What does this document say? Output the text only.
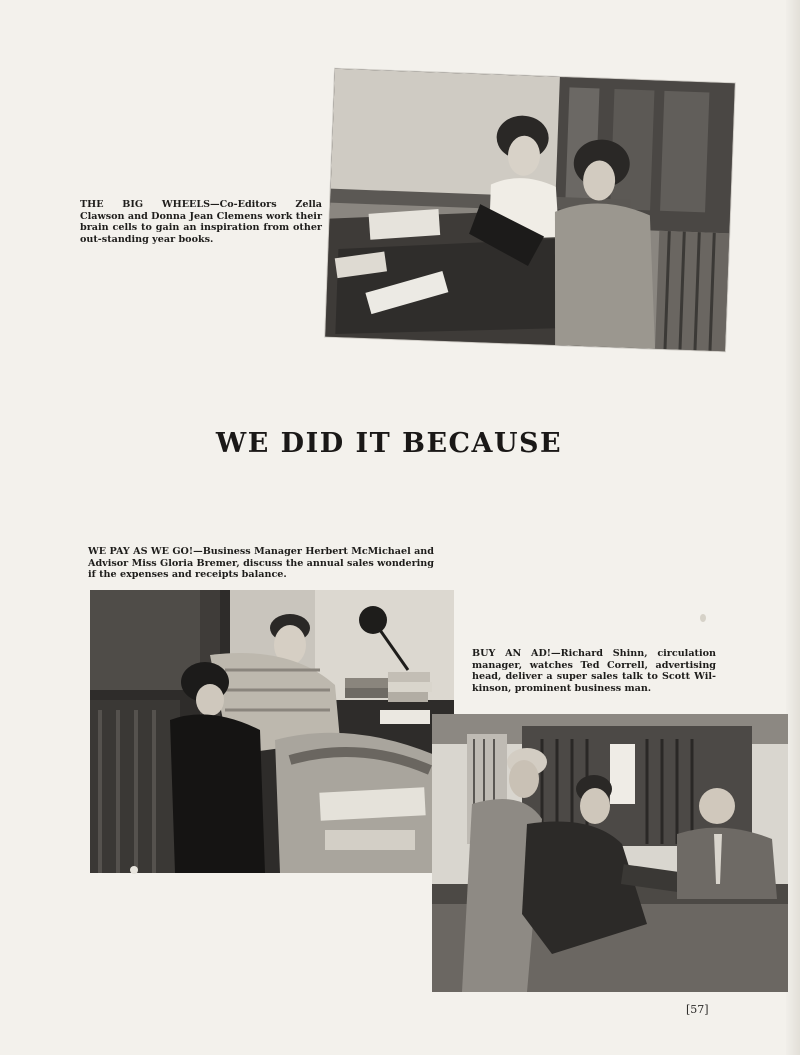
THE BIG WHEELS—Co-Editors Zella Clawson and Donna Jean Clemens work their brain cells to gain an inspiration from other out-standing year books.
WE DID IT BECAUSE
WE PAY AS WE GO!—Business Manager Herbert McMichael and Advisor Miss Gloria Bremer, discuss the annual sales wondering if the expenses and receipts balance.
BUY AN AD!—Richard Shinn, circulation manager, watches Ted Correll, advertising head, deliver a super sales talk to Scott Wil-kinson, prominent business man.
[57]
